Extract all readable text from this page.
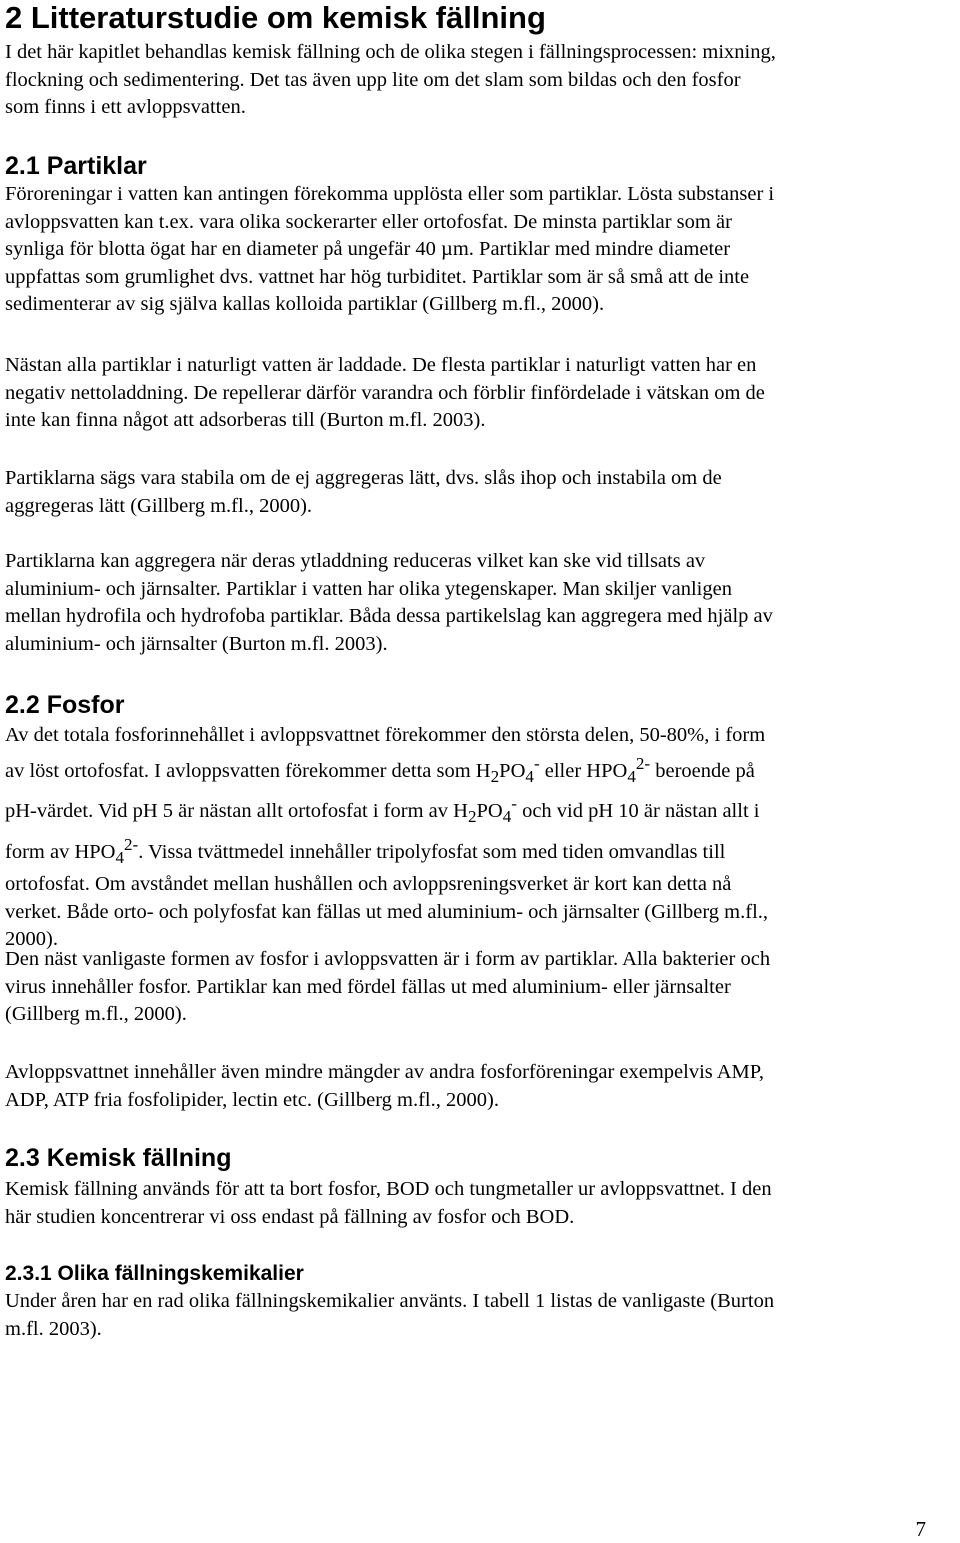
2 Litteraturstudie om kemisk fällning
I det här kapitlet behandlas kemisk fällning och de olika stegen i fällningsprocessen: mixning,
flockning och sedimentering. Det tas även upp lite om det slam som bildas och den fosfor
som finns i ett avloppsvatten.
2.1 Partiklar
Föroreningar i vatten kan antingen förekomma upplösta eller som partiklar. Lösta substanser i
avloppsvatten kan t.ex. vara olika sockerarter eller ortofosfat. De minsta partiklar som är
synliga för blotta ögat har en diameter på ungefär 40 µm. Partiklar med mindre diameter
uppfattas som grumlighet dvs. vattnet har hög turbiditet. Partiklar som är så små att de inte
sedimenterar av sig själva kallas kolloida partiklar (Gillberg m.fl., 2000).
Nästan alla partiklar i naturligt vatten är laddade. De flesta partiklar i naturligt vatten har en
negativ nettoladdning. De repellerar därför varandra och förblir finfördelade i vätskan om de
inte kan finna något att adsorberas till (Burton m.fl. 2003).
Partiklarna sägs vara stabila om de ej aggregeras lätt, dvs. slås ihop och instabila om de
aggregeras lätt (Gillberg m.fl., 2000).
Partiklarna kan aggregera när deras ytladdning reduceras vilket kan ske vid tillsats av
aluminium- och järnsalter. Partiklar i vatten har olika ytegenskaper. Man skiljer vanligen
mellan hydrofila och hydrofoba partiklar. Båda dessa partikelslag kan aggregera med hjälp av
aluminium- och järnsalter (Burton m.fl. 2003).
2.2 Fosfor
Av det totala fosforinnehållet i avloppsvattnet förekommer den största delen, 50-80%, i form
av löst ortofosfat. I avloppsvatten förekommer detta som $H_2PO_4^-$ eller $HPO_4^{2-}$ beroende på
pH-värdet. Vid pH 5 är nästan allt ortofosfat i form av $H_2PO_4^-$ och vid pH 10 är nästan allt i
form av $HPO_4^{2-}$. Vissa tvättmedel innehåller tripolyfosfat som med tiden omvandlas till
ortofosfat. Om avståndet mellan hushållen och avloppsreningsverket är kort kan detta nå
verket. Både orto- och polyfosfat kan fällas ut med aluminium- och järnsalter (Gillberg m.fl.,
2000).
Den näst vanligaste formen av fosfor i avloppsvatten är i form av partiklar. Alla bakterier och
virus innehåller fosfor. Partiklar kan med fördel fällas ut med aluminium- eller järnsalter
(Gillberg m.fl., 2000).
Avloppsvattnet innehåller även mindre mängder av andra fosforföreningar exempelvis AMP,
ADP, ATP fria fosfolipider, lectin etc. (Gillberg m.fl., 2000).
2.3 Kemisk fällning
Kemisk fällning används för att ta bort fosfor, BOD och tungmetaller ur avloppsvattnet. I den
här studien koncentrerar vi oss endast på fällning av fosfor och BOD.
2.3.1 Olika fällningskemikalier
Under åren har en rad olika fällningskemikalier använts. I tabell 1 listas de vanligaste (Burton
m.fl. 2003).
7
